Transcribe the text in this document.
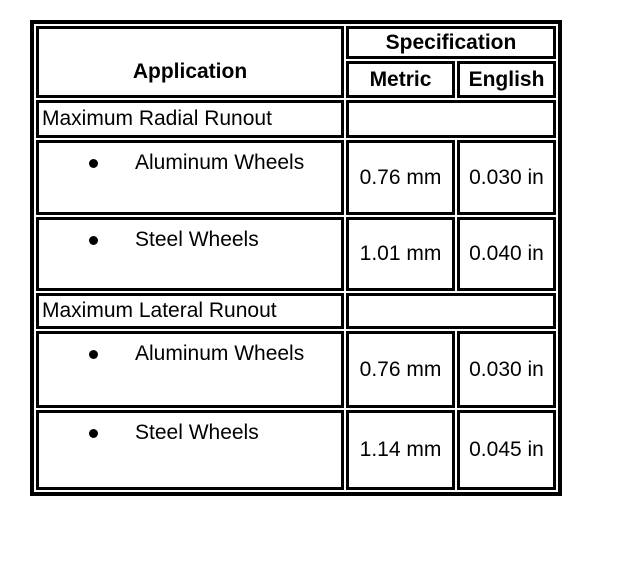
Application	Specification	
	Metric	English
Maximum Radial Runout		

Aluminum Wheels	0.76 mm	0.030 in

Steel Wheels	1.01 mm	0.040 in
Maximum Lateral Runout		

Aluminum Wheels	0.76 mm	0.030 in

Steel Wheels	1.14 mm	0.045 in
